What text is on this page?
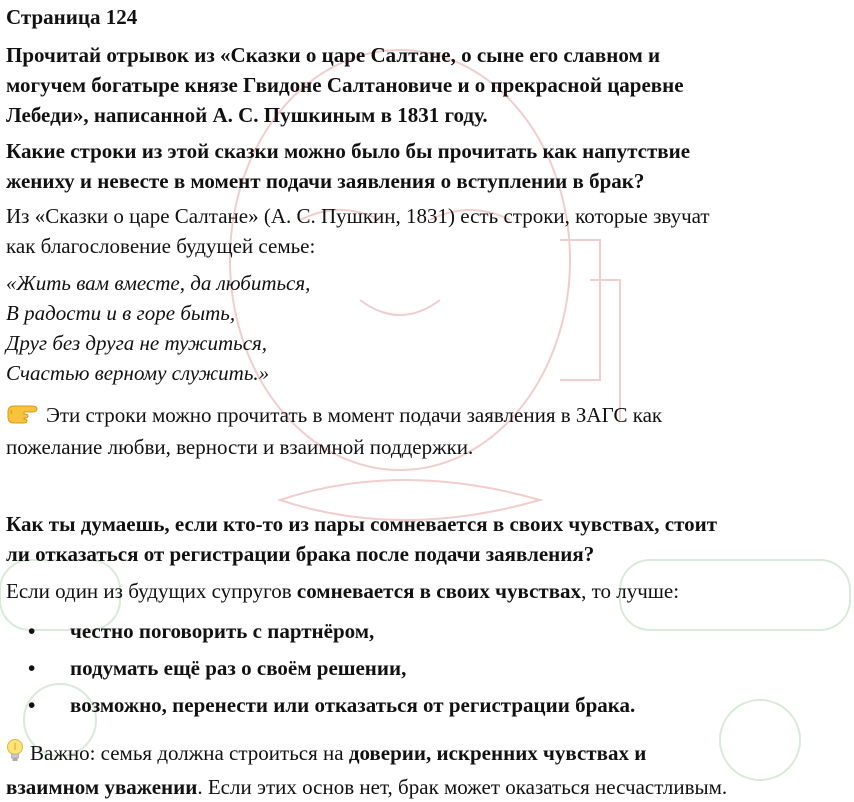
Страница 124
Прочитай отрывок из «Сказки о царе Салтане, о сыне его славном и
могучем богатыре князе Гвидоне Салтановиче и о прекрасной царевне
Лебеди», написанной А. С. Пушкиным в 1831 году.
Какие строки из этой сказки можно было бы прочитать как напутствие
жениху и невесте в момент подачи заявления о вступлении в брак?
Из «Сказки о царе Салтане» (А. С. Пушкин, 1831) есть строки, которые звучат
как благословение будущей семье:
«Жить вам вместе, да любиться,
В радости и в горе быть,
Друг без друга не тужиться,
Счастью верному служить.»
Эти строки можно прочитать в момент подачи заявления в ЗАГС как
пожелание любви, верности и взаимной поддержки.
Как ты думаешь, если кто-то из пары сомневается в своих чувствах, стоит
ли отказаться от регистрации брака после подачи заявления?
Если один из будущих супругов сомневается в своих чувствах, то лучше:
• честно поговорить с партнёром,
• подумать ещё раз о своём решении,
• возможно, перенести или отказаться от регистрации брака.
Важно: семья должна строиться на доверии, искренних чувствах и
взаимном уважении. Если этих основ нет, брак может оказаться несчастливым.
